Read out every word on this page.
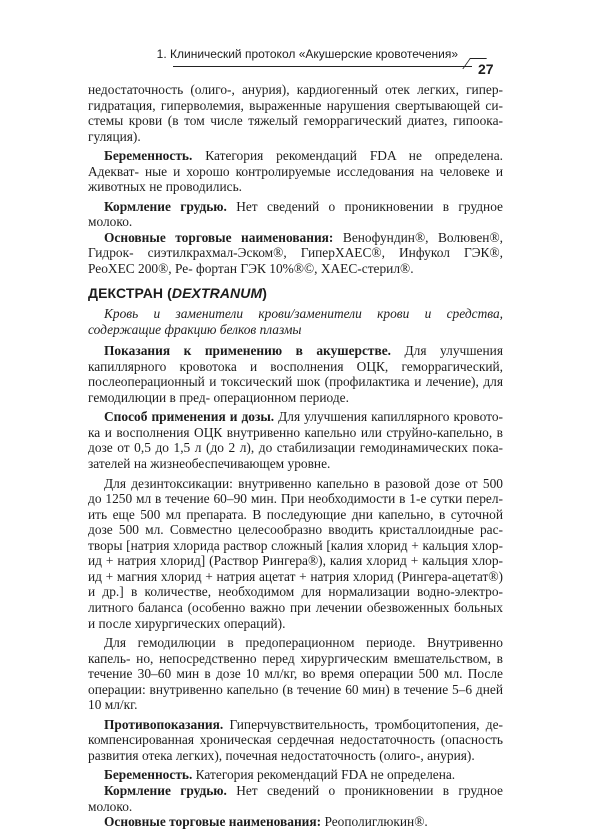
1. Клинический протокол «Акушерские кровотечения»
27

недостаточность (олиго-, анурия), кардиогенный отек легких, гипер- гидратация, гиперволемия, выраженные нарушения свертывающей си- стемы крови (в том числе тяжелый геморрагический диатез, гипоока- гуляция).

Беременность. Категория рекомендаций FDA не определена. Адекват- ные и хорошо контролируемые исследования на человеке и животных не проводились.

Кормление грудью. Нет сведений о проникновении в грудное молоко.

Основные торговые наименования: Венофундин®, Волювен®, Гидрок- сиэтилкрахмал-Эском®, ГиперХАЕС®, Инфукол ГЭК®, РеоХЕС 200®, Ре- фортан ГЭК 10%®©, ХАЕС-стерил®.

ДЕКСТРАН (DEXTRANUM)

Кровь и заменители крови/заменители крови и средства, содержащие фракцию белков плазмы

Показания к применению в акушерстве. Для улучшения капиллярного кровотока и восполнения ОЦК, геморрагический, послеоперационный и токсический шок (профилактика и лечение), для гемодилюции в пред- операционном периоде.

Способ применения и дозы. Для улучшения капиллярного кровото- ка и восполнения ОЦК внутривенно капельно или струйно-капельно, в дозе от 0,5 до 1,5 л (до 2 л), до стабилизации гемодинамических пока- зателей на жизнеобеспечивающем уровне.

Для дезинтоксикации: внутривенно капельно в разовой дозе от 500 до 1250 мл в течение 60–90 мин. При необходимости в 1-е сутки перел- ить еще 500 мл препарата. В последующие дни капельно, в суточной дозе 500 мл. Совместно целесообразно вводить кристаллоидные рас- творы [натрия хлорида раствор сложный [калия хлорид + кальция хлор- ид + натрия хлорид] (Раствор Рингера®), калия хлорид + кальция хлор- ид + магния хлорид + натрия ацетат + натрия хлорид (Рингера-ацетат®) и др.] в количестве, необходимом для нормализации водно-электро- литного баланса (особенно важно при лечении обезвоженных больных и после хирургических операций).

Для гемодилюции в предоперационном периоде. Внутривенно капель- но, непосредственно перед хирургическим вмешательством, в течение 30–60 мин в дозе 10 мл/кг, во время операции 500 мл. После операции: внутривенно капельно (в течение 60 мин) в течение 5–6 дней 10 мл/кг.

Противопоказания. Гиперчувствительность, тромбоцитопения, де- компенсированная хроническая сердечная недостаточность (опасность развития отека легких), почечная недостаточность (олиго-, анурия).

Беременность. Категория рекомендаций FDA не определена.

Кормление грудью. Нет сведений о проникновении в грудное молоко.

Основные торговые наименования: Реополиглюкин®.
